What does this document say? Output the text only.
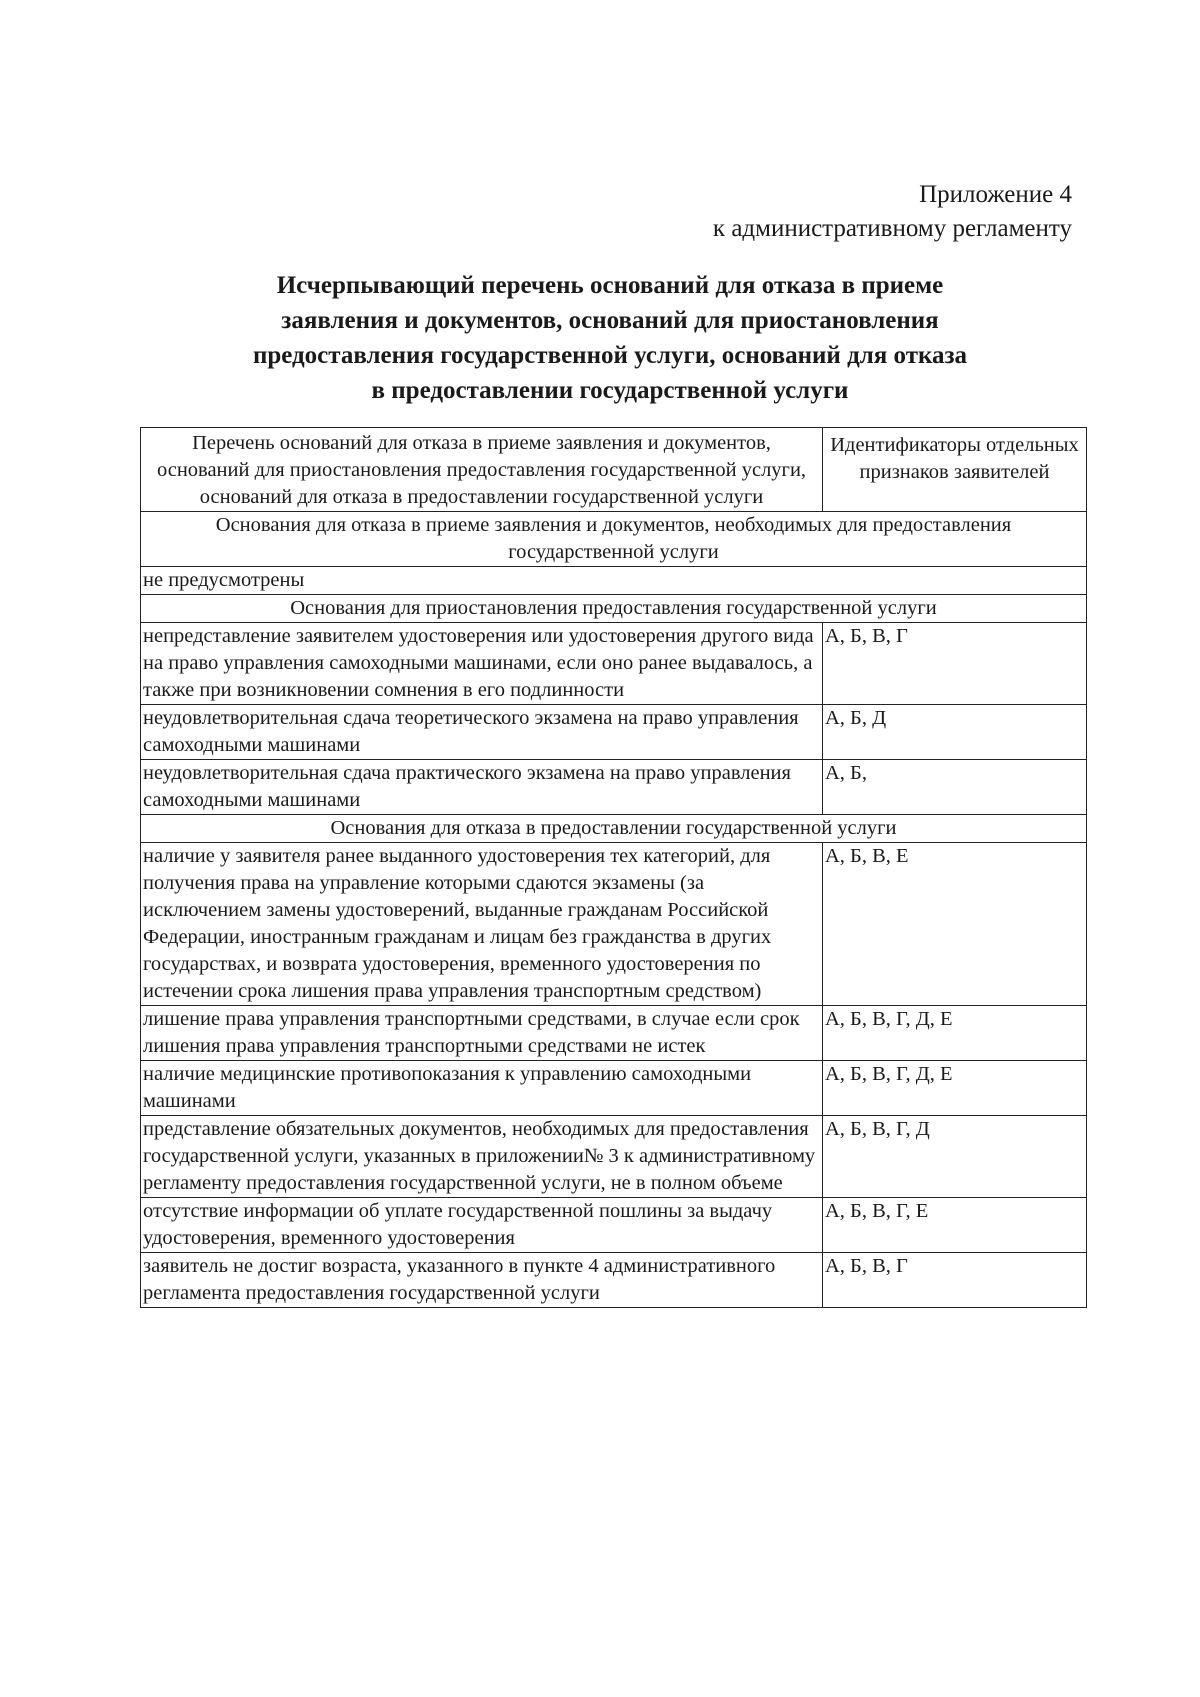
Приложение 4
к административному регламенту
Исчерпывающий перечень оснований для отказа в приеме
заявления и документов, оснований для приостановления
предоставления государственной услуги, оснований для отказа
в предоставлении государственной услуги
Перечень оснований для отказа в приеме заявления и документов, оснований для приостановления предоставления государственной услуги, оснований для отказа в предоставлении государственной услуги	Идентификаторы отдельных признаков заявителей
Основания для отказа в приеме заявления и документов, необходимых для предоставления государственной услуги	
не предусмотрены	
Основания для приостановления предоставления государственной услуги	
непредставление заявителем удостоверения или удостоверения другого вида на право управления самоходными машинами, если оно ранее выдавалось, а также при возникновении сомнения в его подлинности	А, Б, В, Г
неудовлетворительная сдача теоретического экзамена на право управления самоходными машинами	А, Б, Д
неудовлетворительная сдача практического экзамена на право управления самоходными машинами	А, Б,
Основания для отказа в предоставлении государственной услуги	
наличие у заявителя ранее выданного удостоверения тех категорий, для получения права на управление которыми сдаются экзамены (за исключением замены удостоверений, выданные гражданам Российской Федерации, иностранным гражданам и лицам без гражданства в других государствах, и возврата удостоверения, временного удостоверения по истечении срока лишения права управления транспортным средством)	А, Б, В, Е
лишение права управления транспортными средствами, в случае если срок лишения права управления транспортными средствами не истек	А, Б, В, Г, Д, Е
наличие медицинские противопоказания к управлению самоходными машинами	А, Б, В, Г, Д, Е
представление обязательных документов, необходимых для предоставления государственной услуги, указанных в приложении№ 3 к административному регламенту предоставления государственной услуги, не в полном объеме	А, Б, В, Г, Д
отсутствие информации об уплате государственной пошлины за выдачу удостоверения, временного удостоверения	А, Б, В, Г, Е
заявитель не достиг возраста, указанного в пункте 4 административного регламента предоставления государственной услуги	А, Б, В, Г
